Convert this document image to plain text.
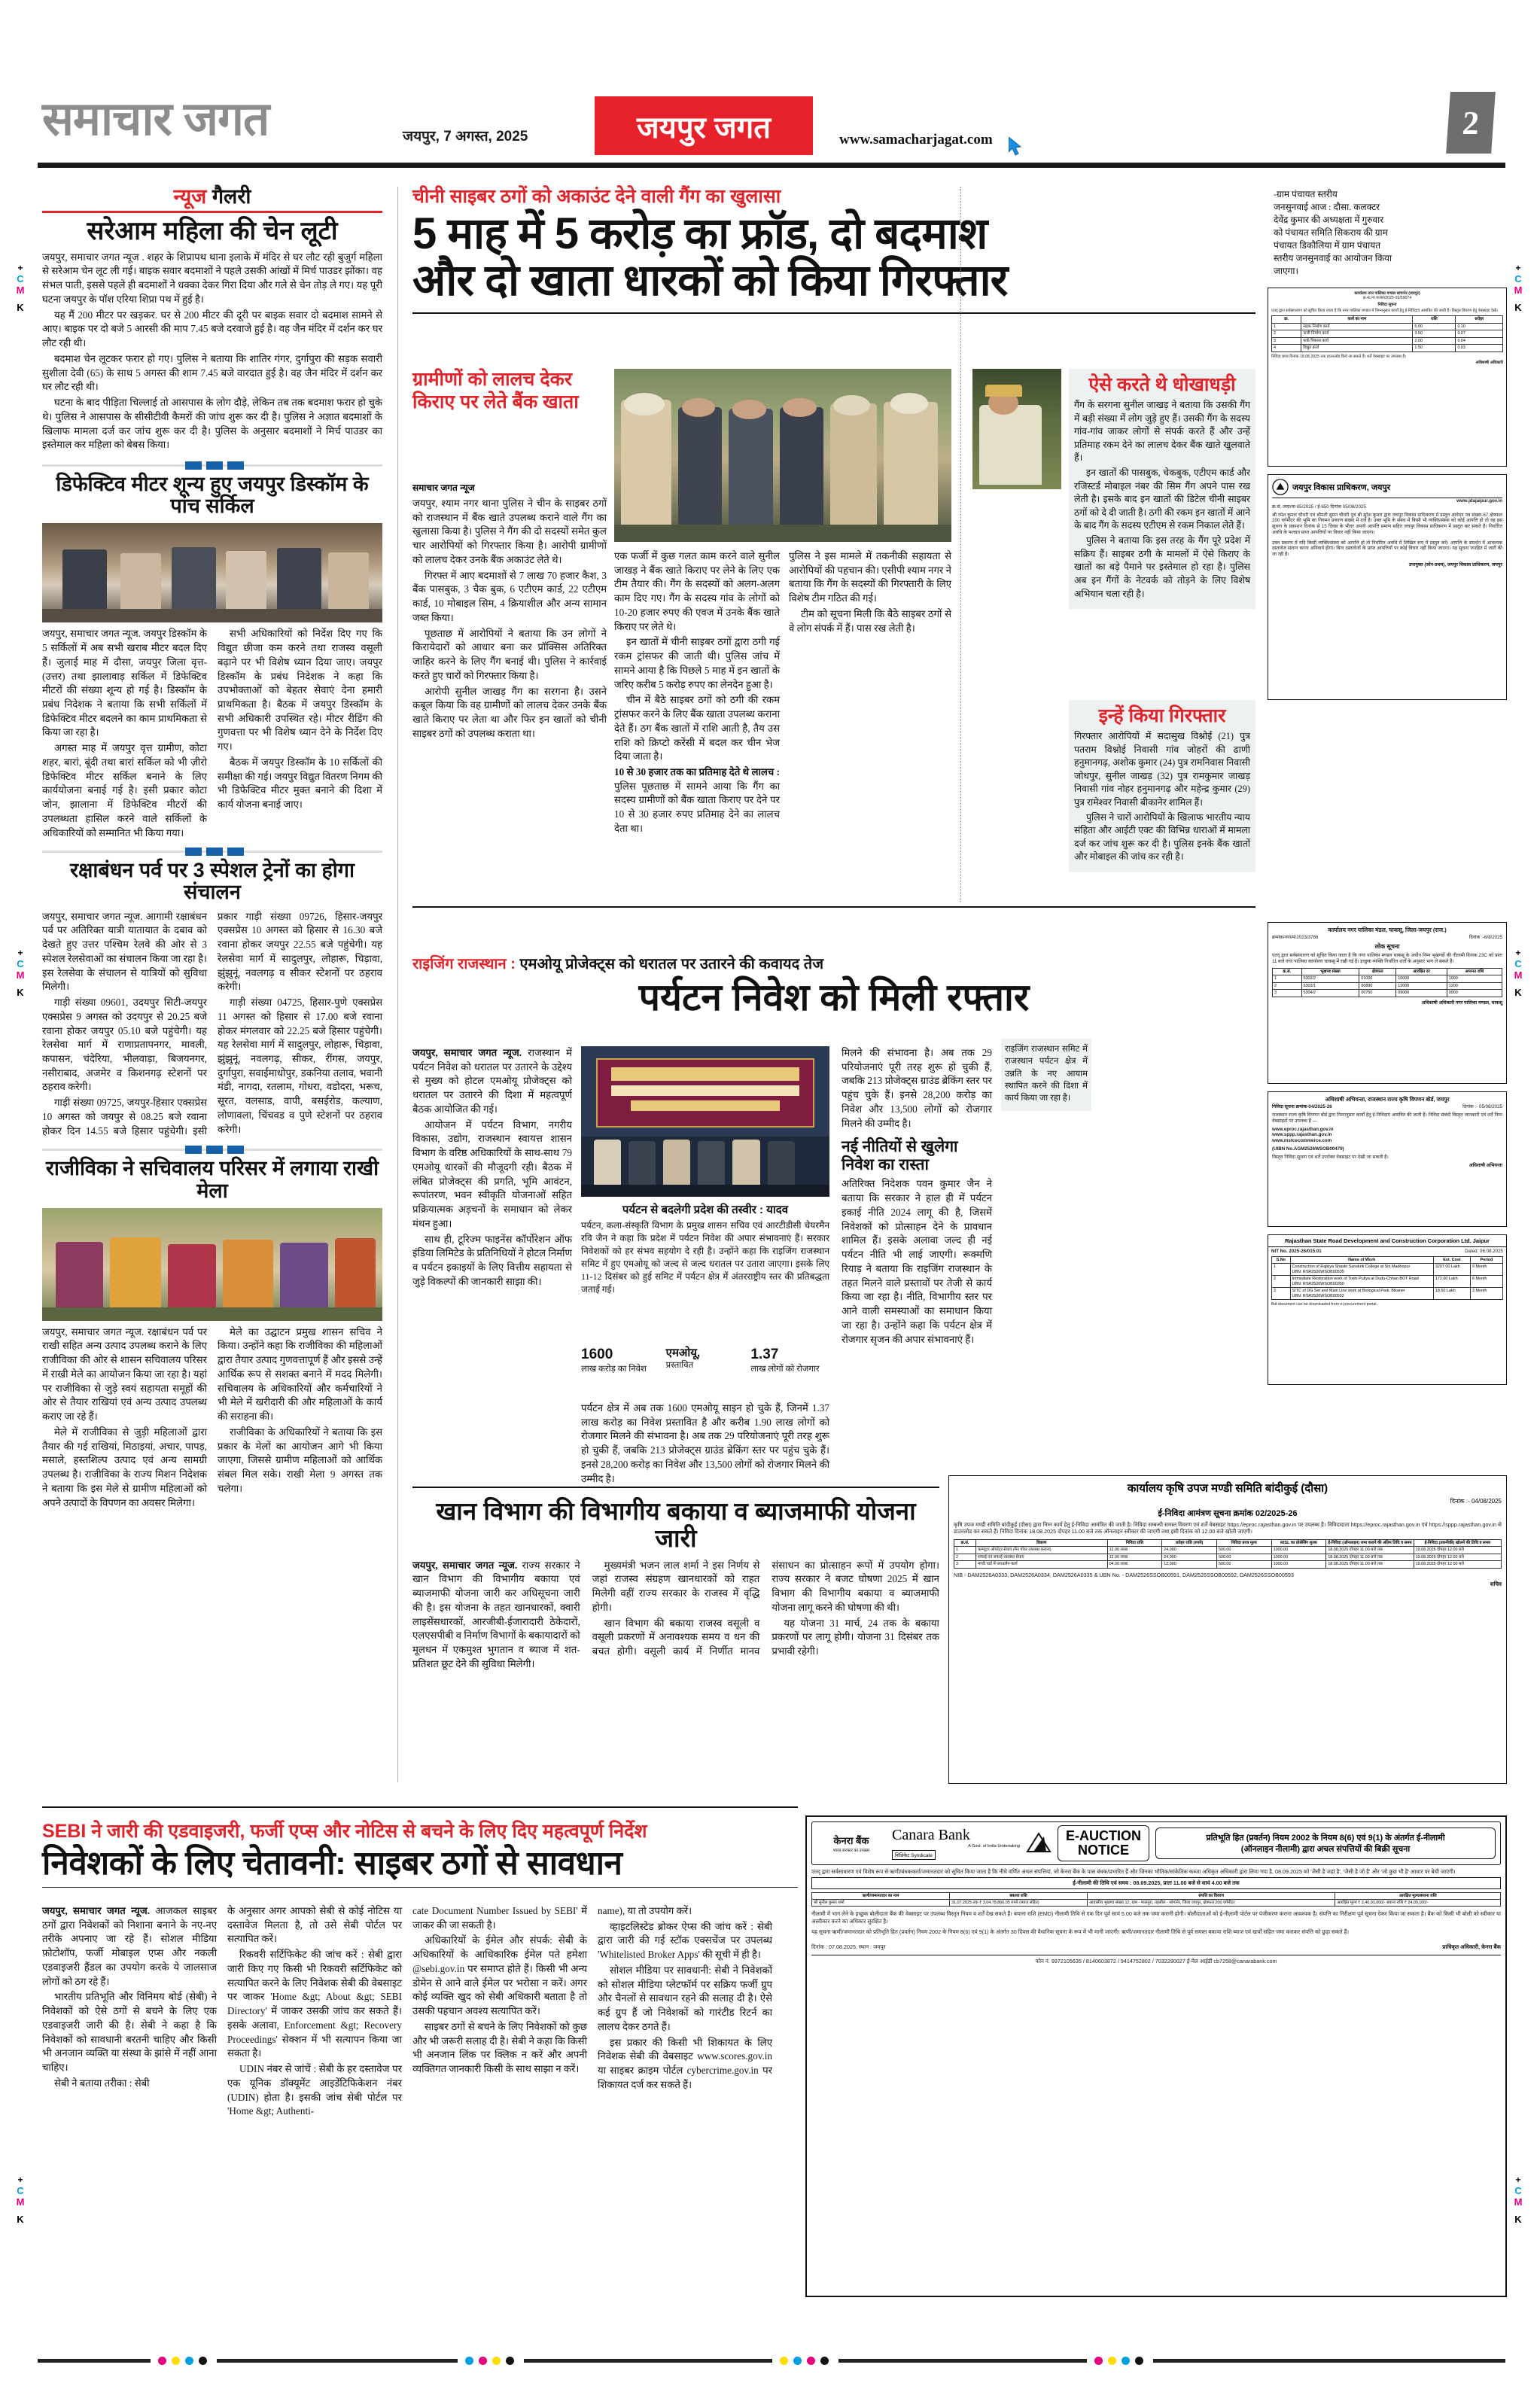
+
C
M
K
+
C
M
K
+
C
M
K
+
C
M
K
+
C
M
K
+
C
M
K
समाचार जगत	जयपुर, 7 अगस्त, 2025	जयपुर जगत	www.samacharjagat.com	2
न्यूज गैलरी
सरेआम महिला की चेन लूटी

जयपुर, समाचार जगत न्यूज . शहर के शिप्रापथ थाना इलाके में मंदिर से घर लौट रही बुजुर्ग महिला से सरेआम चेन लूट ली गई। बाइक सवार बदमाशों ने पहले उसकी आंखों में मिर्च पाउडर झोंका। वह संभल पाती, इससे पहले ही बदमाशों ने धक्का देकर गिरा दिया और गले से चेन तोड़ ले गए। यह पूरी घटना जयपुर के पॉश एरिया शिप्रा पथ में हुई है।

यह मैं 200 मीटर पर खड़कर. घर से 200 मीटर की दूरी पर बाइक सवार दो बदमाश सामने से आए। बाइक पर दो बजे 5 आरसी की माप 7.45 बजे दरवाजे हुई है। वह जैन मंदिर में दर्शन कर घर लौट रही थी।

बदमाश चेन लूटकर फरार हो गए। पुलिस ने बताया कि शातिर गंगर, दुर्गापुरा की सड़क सवारी सुशीला देवी (65) के साथ 5 अगस्त की शाम 7.45 बजे वारदात हुई है। वह जैन मंदिर में दर्शन कर घर लौट रही थी।

घटना के बाद पीड़िता चिल्लाई तो आसपास के लोग दौड़े, लेकिन तब तक बदमाश फरार हो चुके थे। पुलिस ने आसपास के सीसीटीवी कैमरों की जांच शुरू कर दी है। पुलिस ने अज्ञात बदमाशों के खिलाफ मामला दर्ज कर जांच शुरू कर दी है। पुलिस के अनुसार बदमाशों ने मिर्च पाउडर का इस्तेमाल कर महिला को बेबस किया।

डिफेक्टिव मीटर शून्य हुए जयपुर डिस्कॉम के पांच सर्किल

जयपुर, समाचार जगत न्यूज. जयपुर डिस्कॉम के 5 सर्किलों में अब सभी खराब मीटर बदल दिए हैं। जुलाई माह में दौसा, जयपुर जिला वृत्त-(उत्तर) तथा झालावाड़ सर्किल में डिफेक्टिव मीटरों की संख्या शून्य हो गई है। डिस्कॉम के प्रबंध निदेशक ने बताया कि सभी सर्किलों में डिफेक्टिव मीटर बदलने का काम प्राथमिकता से किया जा रहा है।

अगस्त माह में जयपुर वृत्त ग्रामीण, कोटा शहर, बारां, बूंदी तथा बारां सर्किल को भी ज़ीरो डिफेक्टिव मीटर सर्किल बनाने के लिए कार्ययोजना बनाई गई है। इसी प्रकार कोटा जोन, झालाना में डिफेक्टिव मीटरों की उपलब्धता हासिल करने वाले सर्किलों के अधिकारियों को सम्मानित भी किया गया।

सभी अधिकारियों को निर्देश दिए गए कि विद्युत छीजा कम करने तथा राजस्व वसूली बढ़ाने पर भी विशेष ध्यान दिया जाए। जयपुर डिस्कॉम के प्रबंध निदेशक ने कहा कि उपभोक्ताओं को बेहतर सेवाएं देना हमारी प्राथमिकता है। बैठक में जयपुर डिस्कॉम के सभी अधिकारी उपस्थित रहे। मीटर रीडिंग की गुणवत्ता पर भी विशेष ध्यान देने के निर्देश दिए गए।

बैठक में जयपुर डिस्कॉम के 10 सर्किलों की समीक्षा की गई। जयपुर विद्युत वितरण निगम की भी डिफेक्टिव मीटर मुक्त बनाने की दिशा में कार्य योजना बनाई जाए।

रक्षाबंधन पर्व पर 3 स्पेशल ट्रेनों का होगा संचालन

जयपुर, समाचार जगत न्यूज. आगामी रक्षाबंधन पर्व पर अतिरिक्त यात्री यातायात के दबाव को देखते हुए उत्तर पश्चिम रेलवे की ओर से 3 स्पेशल रेलसेवाओं का संचालन किया जा रहा है। इस रेलसेवा के संचालन से यात्रियों को सुविधा मिलेगी।

गाड़ी संख्या 09601, उदयपुर सिटी-जयपुर एक्सप्रेस 9 अगस्त को उदयपुर से 20.25 बजे रवाना होकर जयपुर 05.10 बजे पहुंचेगी। यह रेलसेवा मार्ग में राणाप्रतापनगर, मावली, कपासन, चंदेरिया, भीलवाड़ा, बिजयनगर, नसीराबाद, अजमेर व किशनगढ़ स्टेशनों पर ठहराव करेगी।

गाड़ी संख्या 09725, जयपुर-हिसार एक्सप्रेस 10 अगस्त को जयपुर से 08.25 बजे रवाना होकर दिन 14.55 बजे हिसार पहुंचेगी। इसी प्रकार गाड़ी संख्या 09726, हिसार-जयपुर एक्सप्रेस 10 अगस्त को हिसार से 16.30 बजे रवाना होकर जयपुर 22.55 बजे पहुंचेगी। यह रेलसेवा मार्ग में सादुलपुर, लोहारू, चिड़ावा, झुंझुनूं, नवलगढ़ व सीकर स्टेशनों पर ठहराव करेगी।

गाड़ी संख्या 04725, हिसार-पुणे एक्सप्रेस 11 अगस्त को हिसार से 17.00 बजे रवाना होकर मंगलवार को 22.25 बजे हिसार पहुंचेगी। यह रेलसेवा मार्ग में सादुलपुर, लोहारू, चिड़ावा, झुंझुनूं, नवलगढ़, सीकर, रींगस, जयपुर, दुर्गापुरा, सवाईमाधोपुर, डकनिया तलाव, भवानी मंडी, नागदा, रतलाम, गोधरा, वडोदरा, भरूच, सूरत, वलसाड, वापी, बसईरोड, कल्याण, लोणावला, चिंचवड व पुणे स्टेशनों पर ठहराव करेगी।

राजीविका ने सचिवालय परिसर में लगाया राखी मेला

जयपुर, समाचार जगत न्यूज. रक्षाबंधन पर्व पर राखी सहित अन्य उत्पाद उपलब्ध कराने के लिए राजीविका की ओर से शासन सचिवालय परिसर में राखी मेले का आयोजन किया जा रहा है। यहां पर राजीविका से जुड़े स्वयं सहायता समूहों की ओर से तैयार राखियां एवं अन्य उत्पाद उपलब्ध कराए जा रहे हैं।

मेले में राजीविका से जुड़ी महिलाओं द्वारा तैयार की गई राखियां, मिठाइयां, अचार, पापड़, मसाले, हस्तशिल्प उत्पाद एवं अन्य सामग्री उपलब्ध है। राजीविका के राज्य मिशन निदेशक ने बताया कि इस मेले से ग्रामीण महिलाओं को अपने उत्पादों के विपणन का अवसर मिलेगा।

मेले का उद्घाटन प्रमुख शासन सचिव ने किया। उन्होंने कहा कि राजीविका की महिलाओं द्वारा तैयार उत्पाद गुणवत्तापूर्ण हैं और इससे उन्हें आर्थिक रूप से सशक्त बनाने में मदद मिलेगी। सचिवालय के अधिकारियों और कर्मचारियों ने भी मेले में खरीदारी की और महिलाओं के कार्य की सराहना की।

राजीविका के अधिकारियों ने बताया कि इस प्रकार के मेलों का आयोजन आगे भी किया जाएगा, जिससे ग्रामीण महिलाओं को आर्थिक संबल मिल सके। राखी मेला 9 अगस्त तक चलेगा।

चीनी साइबर ठगों को अकाउंट देने वाली गैंग का खुलासा
5 माह में 5 करोड़ का फ्रॉड, दो बदमाश
और दो खाता धारकों को किया गिरफ्तार
ग्रामीणों को लालच देकर किराए पर लेते बैंक खाता
समाचार जगत न्यूज

जयपुर, श्याम नगर थाना पुलिस ने चीन के साइबर ठगों को राजस्थान में बैंक खाते उपलब्ध कराने वाले गैंग का खुलासा किया है। पुलिस ने गैंग की दो सदस्यों समेत कुल चार आरोपियों को गिरफ्तार किया है। आरोपी ग्रामीणों को लालच देकर उनके बैंक अकाउंट लेते थे।

गिरफ्त में आए बदमाशों से 7 लाख 70 हजार कैश, 3 बैंक पासबुक, 3 चैक बुक, 6 एटीएम कार्ड, 22 एटीएम कार्ड, 10 मोबाइल सिम, 4 क्रियाशील और अन्य सामान जब्त किया।

पूछताछ में आरोपियों ने बताया कि उन लोगों ने किरायेदारों को आधार बना कर प्रॉक्सिस अतिरिक्त जाहिर करने के लिए गैंग बनाई थी। पुलिस ने कार्रवाई करते हुए चारों को गिरफ्तार किया है।

आरोपी सुनील जाखड़ गैंग का सरगना है। उसने कबूल किया कि वह ग्रामीणों को लालच देकर उनके बैंक खाते किराए पर लेता था और फिर इन खातों को चीनी साइबर ठगों को उपलब्ध कराता था।

एक फर्जी में कुछ गलत काम करने वाले सुनील जाखड़ ने बैंक खाते किराए पर लेने के लिए एक टीम तैयार की। गैंग के सदस्यों को अलग-अलग काम दिए गए। गैंग के सदस्य गांव के लोगों को 10-20 हजार रुपए की एवज में उनके बैंक खाते किराए पर लेते थे।

इन खातों में चीनी साइबर ठगों द्वारा ठगी गई रकम ट्रांसफर की जाती थी। पुलिस जांच में सामने आया है कि पिछले 5 माह में इन खातों के जरिए करीब 5 करोड़ रुपए का लेनदेन हुआ है।

चीन में बैठे साइबर ठगों को ठगी की रकम ट्रांसफर करने के लिए बैंक खाता उपलब्ध कराना देते हैं। ठग बैंक खातों में राशि आती है, तैय उस राशि को क्रिप्टो करेंसी में बदल कर चीन भेज दिया जाता है।

10 से 30 हजार तक का प्रतिमाह देते थे लालच : पुलिस पूछताछ में सामने आया कि गैंग का सदस्य ग्रामीणों को बैंक खाता किराए पर देने पर 10 से 30 हजार रुपए प्रतिमाह देने का लालच देता था।

पुलिस ने इस मामले में तकनीकी सहायता से आरोपियों की पहचान की। एसीपी श्याम नगर ने बताया कि गैंग के सदस्यों की गिरफ्तारी के लिए विशेष टीम गठित की गई।

टीम को सूचना मिली कि बैठे साइबर ठगों से वे लोग संपर्क में हैं। पास रख लेती है।

ऐसे करते थे धोखाधड़ी

गैंग के सरगना सुनील जाखड़ ने बताया कि उसकी गैंग में बड़ी संख्या में लोग जुड़े हुए हैं। उसकी गैंग के सदस्य गांव-गांव जाकर लोगों से संपर्क करते हैं और उन्हें प्रतिमाह रकम देने का लालच देकर बैंक खाते खुलवाते हैं।

इन खातों की पासबुक, चेकबुक, एटीएम कार्ड और रजिस्टर्ड मोबाइल नंबर की सिम गैंग अपने पास रख लेती है। इसके बाद इन खातों की डिटेल चीनी साइबर ठगों को दे दी जाती है। ठगी की रकम इन खातों में आने के बाद गैंग के सदस्य एटीएम से रकम निकाल लेते हैं।

पुलिस ने बताया कि इस तरह के गैंग पूरे प्रदेश में सक्रिय हैं। साइबर ठगी के मामलों में ऐसे किराए के खातों का बड़े पैमाने पर इस्तेमाल हो रहा है। पुलिस अब इन गैंगों के नेटवर्क को तोड़ने के लिए विशेष अभियान चला रही है।

इन्हें किया गिरफ्तार

गिरफ्तार आरोपियों में सदासुख विश्नोई (21) पुत्र पतराम विश्नोई निवासी गांव जोहरों की ढाणी हनुमानगढ़, अशोक कुमार (24) पुत्र रामनिवास निवासी जोधपुर, सुनील जाखड़ (32) पुत्र रामकुमार जाखड़ निवासी गांव नोहर हनुमानगढ़ और महेन्द्र कुमार (29) पुत्र रामेश्वर निवासी बीकानेर शामिल हैं।

पुलिस ने चारों आरोपियों के खिलाफ भारतीय न्याय संहिता और आईटी एक्ट की विभिन्न धाराओं में मामला दर्ज कर जांच शुरू कर दी है। पुलिस इनके बैंक खातों और मोबाइल की जांच कर रही है।

-ग्राम पंचायत स्तरीय
जनसुनवाई आज : दौसा. कलक्टर
देवेंद्र कुमार की अध्यक्षता में गुरुवार
को पंचायत समिति सिकराय की ग्राम
पंचायत डिकौलिया में ग्राम पंचायत
स्तरीय जनसुनवाई का आयोजन किया
जाएगा।
कार्यालय नगर पालिका मण्डल सांगानेर (जयपुर)
क्र.सं./ना.पा/सां/2025-26/59074
निविदा सूचना
एतद् द्वारा सर्वसाधारण को सूचित किया जाता है कि नगर पालिका मण्डल में निम्नानुसार कार्यों हेतु ई-निविदाएं आमंत्रित की जाती हैं। विस्तृत विवरण हेतु वेबसाइट देखें।
क्र.	कार्य का नाम	राशि	धरोहर
1	सड़क निर्माण कार्य	5.00	0.10
2	नाली निर्माण कार्य	3.50	0.07
3	पार्क विकास कार्य	2.00	0.04
4	विद्युत कार्य	1.50	0.03
निविदा प्रपत्र दिनांक 18.08.2025 तक डाउनलोड किये जा सकते हैं। शर्तें वेबसाइट पर उपलब्ध हैं।
अधिशाषी अधिकारी
जयपुर विकास प्राधिकरण, जयपुर
www.jdajaipur.gov.in
क्र.सं.-जदा/वा-05/2025 / ई-650 दिनांक 05/08/2025
श्री रमेश कुमार चौधरी एवं श्रीमती सुमन चौधरी पुत्र श्री सुरेश कुमार द्वारा जयपुर विकास प्राधिकरण में प्रस्तुत आवेदन पत्र संख्या-67 क्षेत्रफल 200 वर्गमीटर की भूमि का नियमन प्रकरण संख्या में दर्ज है। उक्त भूमि के संबंध में किसी भी व्यक्ति/संस्था को कोई आपत्ति हो तो वह इस सूचना के प्रकाशन दिनांक से 15 दिवस के भीतर अपनी आपत्ति प्रमाण सहित जयपुर विकास प्राधिकरण में प्रस्तुत कर सकते हैं। निर्धारित अवधि के पश्चात प्राप्त आपत्तियों पर विचार नहीं किया जाएगा।
उक्त प्रकरण में यदि किसी व्यक्ति/संस्था को आपत्ति हो तो निर्धारित अवधि में लिखित रूप में प्रस्तुत करें। आपत्ति के समर्थन में आवश्यक दस्तावेज संलग्न करना अनिवार्य होगा। बिना दस्तावेजों के प्राप्त आपत्तियों पर कोई विचार नहीं किया जाएगा। यह सूचना जनहित में जारी की जा रही है।
उपायुक्त (जोन-प्रथम), जयपुर विकास प्राधिकरण, जयपुर
कार्यालय नगर पालिका मंडल, चाकसू, जिला-जयपुर (राज.)
क्रमांक/नपा/मं/2023/3786	दिनांक :-6/8/2025
लोक सूचना
एतद् द्वारा सर्वसाधारण को सूचित किया जाता है कि नगर पालिका मण्डल चाकसू के अधीन निम्न भूखण्डों की नीलामी दिनांक 23C को प्रातः 11 बजे नगर पालिका कार्यालय चाकसू में रखी गई है। इच्छुक व्यक्ति निर्धारित शर्तों के अनुसार भाग ले सकते हैं।
क्र.सं.	भूखण्ड संख्या	क्षेत्रफल	आरक्षित दर	अमानत राशि
1	5302/2	01000	10000	1000
2	5303/1	00890	12000	1200
3	5304/2	00750	09000	0900
अधिशाषी अधिकारी नगर पालिका मण्डल, चाकसू
अधिशाषी अभियन्ता, राजस्थान राज्य कृषि विपणन बोर्ड, जयपुर
निविदा सूचना क्रमांक-04/2025-26	दिनांक :- 05/08/2025
राजस्थान राज्य कृषि विपणन बोर्ड द्वारा निम्नानुसार कार्यों हेतु ई-निविदाएं आमंत्रित की जाती हैं। निविदा संबंधी विस्तृत जानकारी एवं शर्तें निम्न वेबसाइटों पर उपलब्ध हैं —
www.eproc.rajasthan.gov.in
www.sppp.rajasthan.gov.in
www.mstcecommerce.com
(UIBN No.AGM2526WSOB00479)
विस्तृत निविदा सूचना एवं शर्तें उपरोक्त वेबसाइट पर देखी जा सकती है।
अधिशाषी अभियन्ता
Rajasthan State Road Development and Construction Corporation Ltd. Jaipur
NIT No. 2025-26/015.01	Dated: 06.08.2025
S.No	Name of Work	Est. Cost	Period
1	Construction of Rajkiya Shastri Sanskriti College at Siri Madhopur
UBN: RSR2526WSOB00535	3207.00 Lakh	9 Month
2	Immediate Restoration work of Toshi Puliya at Dudu-Chhan BOT Road
UBN: RSR2526WSOB00350	172.00 Lakh	6 Month
3	SITC of DG Set and Main Line work at Biological Park, Bikaner
UBN: RSR2526WSOB00552	18.50 Lakh	3 Month
Bid document can be downloaded from e-procurement portal.
राइजिंग राजस्थान : एमओयू प्रोजेक्ट्स को धरातल पर उतारने की कवायद तेज
पर्यटन निवेश को मिली रफ्तार

जयपुर, समाचार जगत न्यूज. राजस्थान में पर्यटन निवेश को धरातल पर उतारने के उद्देश्य से मुख्य को होटल एमओयू प्रोजेक्ट्स को धरातल पर उतारने की दिशा में महत्वपूर्ण बैठक आयोजित की गई।

आयोजन में पर्यटन विभाग, नगरीय विकास, उद्योग, राजस्थान स्वायत्त शासन विभाग के वरिष्ठ अधिकारियों के साथ-साथ 79 एमओयू धारकों की मौजूदगी रही। बैठक में लंबित प्रोजेक्ट्स की प्रगति, भूमि आवंटन, रूपांतरण, भवन स्वीकृति योजनाओं सहित प्रक्रियात्मक अड़चनों के समाधान को लेकर मंथन हुआ।

साथ ही, टूरिज्म फाइनेंस कॉर्पोरेशन ऑफ इंडिया लिमिटेड के प्रतिनिधियों ने होटल निर्माण व पर्यटन इकाइयों के लिए वित्तीय सहायता से जुड़े विकल्पों की जानकारी साझा की।

पर्यटन से बदलेगी प्रदेश की तस्वीर : यादव

पर्यटन, कला-संस्कृति विभाग के प्रमुख शासन सचिव एवं आरटीडीसी चेयरमैन रवि जैन ने कहा कि प्रदेश में पर्यटन निवेश की अपार संभावनाएं हैं। सरकार निवेशकों को हर संभव सहयोग दे रही है। उन्होंने कहा कि राइजिंग राजस्थान समिट में हुए एमओयू को जल्द से जल्द धरातल पर उतारा जाएगा। इसके लिए 11-12 दिसंबर को हुई समिट में पर्यटन क्षेत्र में अंतरराष्ट्रीय स्तर की प्रतिबद्धता जताई गई।

1600
लाख करोड़ का निवेश
एमओयू,
प्रस्तावित
1.37
लाख लोगों को रोजगार

पर्यटन क्षेत्र में अब तक 1600 एमओयू साइन हो चुके हैं, जिनमें 1.37 लाख करोड़ का निवेश प्रस्तावित है और करीब 1.90 लाख लोगों को रोजगार मिलने की संभावना है। अब तक 29 परियोजनाएं पूरी तरह शुरू हो चुकी हैं, जबकि 213 प्रोजेक्ट्स ग्राउंड ब्रेकिंग स्तर पर पहुंच चुके हैं। इनसे 28,200 करोड़ का निवेश और 13,500 लोगों को रोजगार मिलने की उम्मीद है।

मिलने की संभावना है। अब तक 29 परियोजनाएं पूरी तरह शुरू हो चुकी हैं, जबकि 213 प्रोजेक्ट्स ग्राउंड ब्रेकिंग स्तर पर पहुंच चुके हैं। इनसे 28,200 करोड़ का निवेश और 13,500 लोगों को रोजगार मिलने की उम्मीद है।

नई नीतियों से खुलेगा निवेश का रास्ता

अतिरिक्त निदेशक पवन कुमार जैन ने बताया कि सरकार ने हाल ही में पर्यटन इकाई नीति 2024 लागू की है, जिसमें निवेशकों को प्रोत्साहन देने के प्रावधान शामिल हैं। इसके अलावा जल्द ही नई पर्यटन नीति भी लाई जाएगी। रूक्मणि रियाड़ ने बताया कि राइजिंग राजस्थान के तहत मिलने वाले प्रस्तावों पर तेजी से कार्य किया जा रहा है। नीति, विभागीय स्तर पर आने वाली समस्याओं का समाधान किया जा रहा है। उन्होंने कहा कि पर्यटन क्षेत्र में रोजगार सृजन की अपार संभावनाएं हैं।

राइजिंग राजस्थान समिट में राजस्थान पर्यटन क्षेत्र में उन्नति के नए आयाम स्थापित करने की दिशा में कार्य किया जा रहा है।

खान विभाग की विभागीय बकाया व ब्याजमाफी योजना जारी

जयपुर, समाचार जगत न्यूज. राज्य सरकार ने खान विभाग की विभागीय बकाया एवं ब्याजमाफी योजना जारी कर अधिसूचना जारी की है। इस योजना के तहत खानधारकों, क्वारी लाइसेंसधारकों, आरजीबी-ईजारादारी ठेकेदारों, एलएसपीबी व निर्माण विभागों के बकायादारों को मूलधन में एकमुश्त भुगतान व ब्याज में शत-प्रतिशत छूट देने की सुविधा मिलेगी।

मुख्यमंत्री भजन लाल शर्मा ने इस निर्णय से जहां राजस्व संग्रहण खानधारकों को राहत मिलेगी वहीं राज्य सरकार के राजस्व में वृद्धि होगी।

खान विभाग की बकाया राजस्व वसूली व वसूली प्रकरणों में अनावश्यक समय व धन की बचत होगी। वसूली कार्य में निर्णीत मानव संसाधन का प्रोत्साहन रूपों में उपयोग होगा। राज्य सरकार ने बजट घोषणा 2025 में खान विभाग की विभागीय बकाया व ब्याजमाफी योजना लागू करने की घोषणा की थी।

यह योजना 31 मार्च, 24 तक के बकाया प्रकरणों पर लागू होगी। योजना 31 दिसंबर तक प्रभावी रहेगी।

कार्यालय कृषि उपज मण्डी समिति बांदीकुई (दौसा)
दिनांक :- 04/08/2025
ई-निविदा आमंत्रण सूचना क्रमांक 02/2025-26
कृषि उपज मण्डी समिति बांदीकुई (दौसा) द्वारा निम्न कार्य हेतु ई-निविदा आमंत्रित की जाती है। निविदा सम्बन्धी समस्त विवरण एवं शर्तें वेबसाइट https://eproc.rajasthan.gov.in पर उपलब्ध है। निविदादाता https://eproc.rajasthan.gov.in एवं https://sppp.rajasthan.gov.in से डाउनलोड कर सकते हैं। निविदा दिनांक 18.08.2025 दोपहर 11.00 बजे तक ऑनलाइन स्वीकार की जाएगी तथा इसी दिनांक को 12.00 बजे खोली जाएगी।
क्र.सं.	विवरण	निविदा राशि	धरोहर राशि (रुपये)	निविदा प्रपत्र मूल्य	RISL का प्रोसेसिंग शुल्क	ई-निविदा (ऑनलाइन) जमा कराने की अंतिम तिथि व समय	ई-निविदा (तकनीकी) खोलने की तिथि व समय
1	कम्प्यूटर ऑपरेटर सेवाएं (मैन पॉवर उपलब्ध कराना)	12.00 लाख	24,000	500.00	1000.00	18.08.2025 दोपहर 11.00 बजे तक	19.08.2025 दोपहर 12.00 बजे
2	सफाई एवं सफाई व्यवस्था सेवाएं	12.00 लाख	24,000	500.00	1000.00	18.08.2025 दोपहर 11.00 बजे तक	19.08.2025 दोपहर 12.00 बजे
3	मण्डी यार्ड में प्लाऊमैन कार्य	04.00 लाख	12,000	500.00	1000.00	18.08.2025 दोपहर 11.00 बजे तक	19.08.2025 दोपहर 12.00 बजे
NIB - DAM2526A0333, DAM2526A0334, DAM2526A0335 & UBN No. - DAM2526SSOB00591, DAM2526SSOB00592, DAM2526SSOB00593
सचिव
SEBI ने जारी की एडवाइजरी, फर्जी एप्स और नोटिस से बचने के लिए दिए महत्वपूर्ण निर्देश
निवेशकों के लिए चेतावनी: साइबर ठगों से सावधान

जयपुर, समाचार जगत न्यूज. आजकल साइबर ठगों द्वारा निवेशकों को निशाना बनाने के नए-नए तरीके अपनाए जा रहे हैं। सोशल मीडिया फ़ोटोशॉप, फर्जी मोबाइल एप्स और नकली एडवाइजरी हैंडल का उपयोग करके ये जालसाज लोगों को ठग रहे हैं।

भारतीय प्रतिभूति और विनिमय बोर्ड (सेबी) ने निवेशकों को ऐसे ठगों से बचने के लिए एक एडवाइजरी जारी की है। सेबी ने कहा है कि निवेशकों को सावधानी बरतनी चाहिए और किसी भी अनजान व्यक्ति या संस्था के झांसे में नहीं आना चाहिए।

सेबी ने बताया तरीका : सेबी

के अनुसार अगर आपको सेबी से कोई नोटिस या दस्तावेज मिलता है, तो उसे सेबी पोर्टल पर सत्यापित करें।

रिकवरी सर्टिफिकेट की जांच करें : सेबी द्वारा जारी किए गए किसी भी रिकवरी सर्टिफिकेट को सत्यापित करने के लिए निवेशक सेबी की वेबसाइट पर जाकर 'Home &gt; About &gt; SEBI Directory' में जाकर उसकी जांच कर सकते हैं। इसके अलावा, Enforcement &gt; Recovery Proceedings' सेक्शन में भी सत्यापन किया जा सकता है।

UDIN नंबर से जांचें : सेबी के हर दस्तावेज पर एक यूनिक डॉक्यूमेंट आइडेंटिफिकेशन नंबर (UDIN) होता है। इसकी जांच सेबी पोर्टल पर 'Home &gt; Authenti-

cate Document Number Issued by SEBI' में जाकर की जा सकती है।

अधिकारियों के ईमेल और संपर्क: सेबी के अधिकारियों के आधिकारिक ईमेल पते हमेशा @sebi.gov.in पर समाप्त होते हैं। किसी भी अन्य डोमेन से आने वाले ईमेल पर भरोसा न करें। अगर कोई व्यक्ति खुद को सेबी अधिकारी बताता है तो उसकी पहचान अवश्य सत्यापित करें।

साइबर ठगों से बचने के लिए निवेशकों को कुछ और भी जरूरी सलाह दी है। सेबी ने कहा कि किसी भी अनजान लिंक पर क्लिक न करें और अपनी व्यक्तिगत जानकारी किसी के साथ साझा न करें।

name), या तो उपयोग करें।

व्हाइटलिस्टेड ब्रोकर ऐप्स की जांच करें : सेबी द्वारा जारी की गई स्टॉक एक्सचेंज पर उपलब्ध 'Whitelisted Broker Apps' की सूची में ही है।

सोशल मीडिया पर सावधानी: सेबी ने निवेशकों को सोशल मीडिया प्लेटफॉर्म पर सक्रिय फर्जी ग्रुप और चैनलों से सावधान रहने की सलाह दी है। ऐसे कई ग्रुप हैं जो निवेशकों को गारंटीड रिटर्न का लालच देकर ठगते हैं।

इस प्रकार की किसी भी शिकायत के लिए निवेशक सेबी की वेबसाइट www.scores.gov.in या साइबर क्राइम पोर्टल cybercrime.gov.in पर शिकायत दर्ज कर सकते हैं।

केनरा बैंक
भारत सरकार का उपक्रम
Canara Bank
A Govt. of India Undertaking
सिंडिकेट Syndicate
E-AUCTION
NOTICE
प्रतिभूति हित (प्रवर्तन) नियम 2002 के नियम 8(6) एवं 9(1) के अंतर्गत ई-नीलामी
(ऑनलाइन नीलामी) द्वारा अचल संपत्तियों की बिक्री सूचना
एतद् द्वारा सर्वसाधारण एवं विशेष रूप से ऋणी/बंधककर्ता/जमानतदार को सूचित किया जाता है कि नीचे वर्णित अचल संपत्तियां, जो केनरा बैंक के पास बंधक/प्रभारित हैं और जिनका भौतिक/सांकेतिक कब्जा अधिकृत अधिकारी द्वारा लिया गया है, 08.09.2025 को 'जैसी है जहां है', 'जैसी है जो है' और 'जो कुछ भी है' आधार पर बेची जाएंगी।
ई-नीलामी की तिथि एवं समय : 08.09.2025, प्रातः 11.00 बजे से सायं 4.00 बजे तक
ऋणी/जमानतदार का नाम	बकाया राशि	संपत्ति का विवरण	आरक्षित मूल्य/बयाना राशि
श्री सुनील कुमार शर्मा	31.07.2025 तक ₹ 3,04,78,866.05 रुपये (ब्याज सहित)	आवासीय भूखण्ड संख्या 12, ग्राम - मालपुरा, तहसील - सांगानेर, जिला जयपुर, क्षेत्रफल 200 वर्गमीटर	आरक्षित मूल्य ₹ 2,40,91,000/- बयाना राशि ₹ 24,09,100/-
नीलामी में भाग लेने के इच्छुक बोलीदाता बैंक की वेबसाइट पर उपलब्ध विस्तृत नियम व शर्तें देख सकते हैं। बयाना राशि (EMD) नीलामी तिथि से एक दिन पूर्व सायं 5.00 बजे तक जमा करानी होगी। बोलीदाताओं को ई-नीलामी पोर्टल पर पंजीकरण कराना आवश्यक है। संपत्ति का निरीक्षण पूर्व सूचना देकर किया जा सकता है। बैंक को किसी भी बोली को स्वीकार या अस्वीकार करने का अधिकार सुरक्षित है।
यह सूचना ऋणी/जमानतदार को प्रतिभूति हित (प्रवर्तन) नियम 2002 के नियम 8(6) एवं 9(1) के अंतर्गत 30 दिवस की वैधानिक सूचना के रूप में भी मानी जाएगी। ऋणी/जमानतदार नीलामी तिथि से पूर्व समस्त बकाया राशि ब्याज एवं खर्चों सहित जमा कराकर संपत्ति को छुड़ा सकते हैं।
दिनांक : 07.08.2025, स्थान : जयपुर	प्राधिकृत अधिकारी, केनरा बैंक
फोन नं. 9972105635 / 8140603872 / 9414752802 / 7032290027 ई-मेल आईडी cb7258@canarabank.com
